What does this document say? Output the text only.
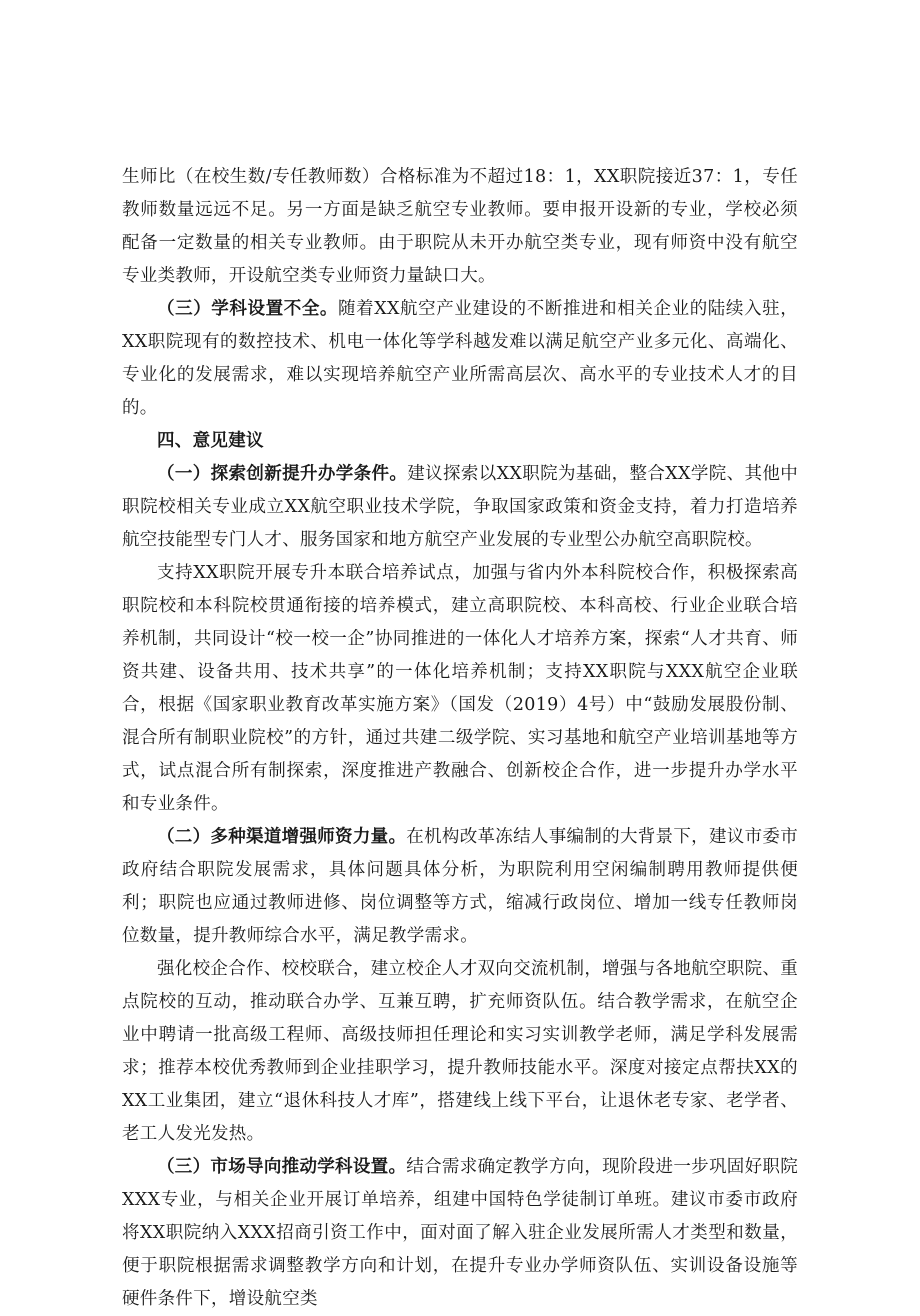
生师比（在校生数/专任教师数）合格标准为不超过18：1，XX职院接近37：1，专任教师数量远远不足。另一方面是缺乏航空专业教师。要申报开设新的专业，学校必须配备一定数量的相关专业教师。由于职院从未开办航空类专业，现有师资中没有航空专业类教师，开设航空类专业师资力量缺口大。

（三）学科设置不全。随着XX航空产业建设的不断推进和相关企业的陆续入驻，XX职院现有的数控技术、机电一体化等学科越发难以满足航空产业多元化、高端化、专业化的发展需求，难以实现培养航空产业所需高层次、高水平的专业技术人才的目的。

四、意见建议

（一）探索创新提升办学条件。建议探索以XX职院为基础，整合XX学院、其他中职院校相关专业成立XX航空职业技术学院，争取国家政策和资金支持，着力打造培养航空技能型专门人才、服务国家和地方航空产业发展的专业型公办航空高职院校。

支持XX职院开展专升本联合培养试点，加强与省内外本科院校合作，积极探索高职院校和本科院校贯通衔接的培养模式，建立高职院校、本科高校、行业企业联合培养机制，共同设计“校一校一企”协同推进的一体化人才培养方案，探索“人才共育、师资共建、设备共用、技术共享”的一体化培养机制；支持XX职院与XXX航空企业联合，根据《国家职业教育改革实施方案》（国发（2019）4号）中“鼓励发展股份制、混合所有制职业院校”的方针，通过共建二级学院、实习基地和航空产业培训基地等方式，试点混合所有制探索，深度推进产教融合、创新校企合作，进一步提升办学水平和专业条件。

（二）多种渠道增强师资力量。在机构改革冻结人事编制的大背景下，建议市委市政府结合职院发展需求，具体问题具体分析，为职院利用空闲编制聘用教师提供便利；职院也应通过教师进修、岗位调整等方式，缩减行政岗位、增加一线专任教师岗位数量，提升教师综合水平，满足教学需求。

强化校企合作、校校联合，建立校企人才双向交流机制，增强与各地航空职院、重点院校的互动，推动联合办学、互兼互聘，扩充师资队伍。结合教学需求，在航空企业中聘请一批高级工程师、高级技师担任理论和实习实训教学老师，满足学科发展需求；推荐本校优秀教师到企业挂职学习，提升教师技能水平。深度对接定点帮扶XX的XX工业集团，建立“退休科技人才库”，搭建线上线下平台，让退休老专家、老学者、老工人发光发热。

（三）市场导向推动学科设置。结合需求确定教学方向，现阶段进一步巩固好职院XXX专业，与相关企业开展订单培养，组建中国特色学徒制订单班。建议市委市政府将XX职院纳入XXX招商引资工作中，面对面了解入驻企业发展所需人才类型和数量，便于职院根据需求调整教学方向和计划，在提升专业办学师资队伍、实训设备设施等硬件条件下，增设航空类
